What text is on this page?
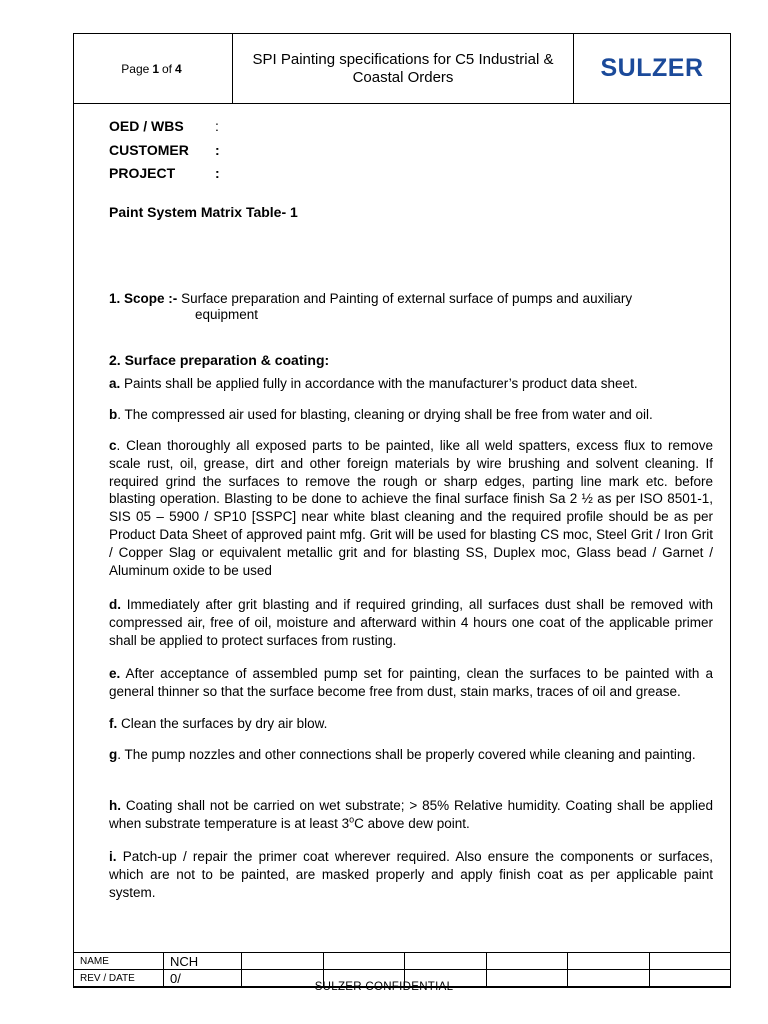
Page 1 of 4
SPI Painting specifications for C5 Industrial & Coastal Orders	SULZER
OED / WBS	:
CUSTOMER	:
PROJECT	:
Paint System Matrix Table- 1
1. Scope :- Surface preparation and Painting of external surface of pumps and auxiliary
equipment
2. Surface preparation & coating:
a. Paints shall be applied fully in accordance with the manufacturer’s product data sheet.
b. The compressed air used for blasting, cleaning or drying shall be free from water and oil.
c. Clean thoroughly all exposed parts to be painted, like all weld spatters, excess flux to remove scale rust, oil, grease, dirt and other foreign materials by wire brushing and solvent cleaning. If required grind the surfaces to remove the rough or sharp edges, parting line mark etc. before blasting operation. Blasting to be done to achieve the final surface finish Sa 2 ½ as per ISO 8501-1, SIS 05 – 5900 / SP10 [SSPC] near white blast cleaning and the required profile should be as per Product Data Sheet of approved paint mfg. Grit will be used for blasting CS moc, Steel Grit / Iron Grit / Copper Slag or equivalent metallic grit and for blasting SS, Duplex moc, Glass bead / Garnet / Aluminum oxide to be used
d. Immediately after grit blasting and if required grinding, all surfaces dust shall be removed with compressed air, free of oil, moisture and afterward within 4 hours one coat of the applicable primer shall be applied to protect surfaces from rusting.
e. After acceptance of assembled pump set for painting, clean the surfaces to be painted with a general thinner so that the surface become free from dust, stain marks, traces of oil and grease.
f. Clean the surfaces by dry air blow.
g. The pump nozzles and other connections shall be properly covered while cleaning and painting.
h. Coating shall not be carried on wet substrate; > 85% Relative humidity. Coating shall be applied when substrate temperature is at least 3$^o$C above dew point.
i. Patch-up / repair the primer coat wherever required. Also ensure the components or surfaces, which are not to be painted, are masked properly and apply finish coat as per applicable paint system.
NAME	NCH						
REV / DATE	0/						
SULZER CONFIDENTIAL
